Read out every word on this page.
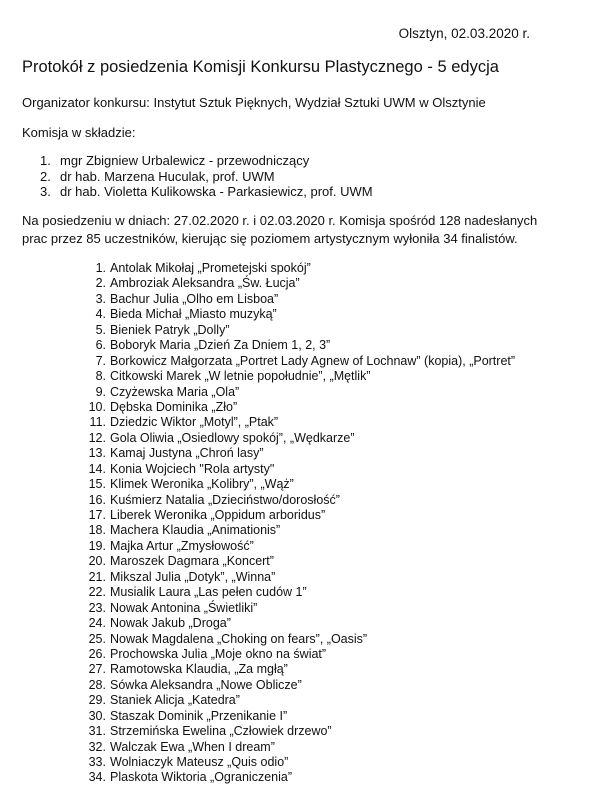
Olsztyn, 02.03.2020 r.
Protokół z posiedzenia Komisji Konkursu Plastycznego - 5 edycja
Organizator konkursu: Instytut Sztuk Pięknych, Wydział Sztuki UWM w Olsztynie
Komisja w składzie:
1. mgr Zbigniew Urbalewicz - przewodniczący
2. dr hab. Marzena Huculak, prof. UWM
3. dr hab. Violetta Kulikowska - Parkasiewicz, prof. UWM
Na posiedzeniu w dniach: 27.02.2020 r. i 02.03.2020 r. Komisja spośród 128 nadesłanych
prac przez 85 uczestników, kierując się poziomem artystycznym wyłoniła 34 finalistów.
1. Antolak Mikołaj „Prometejski spokój”
2. Ambroziak Aleksandra „Św. Łucja”
3. Bachur Julia „Olho em Lisboa”
4. Bieda Michał „Miasto muzyką”
5. Bieniek Patryk „Dolly”
6. Boboryk Maria „Dzień Za Dniem 1, 2, 3”
7. Borkowicz Małgorzata „Portret Lady Agnew of Lochnaw” (kopia), „Portret”
8. Citkowski Marek „W letnie popołudnie”, „Mętlik”
9. Czyżewska Maria „Ola”
10. Dębska Dominika „Zło”
11. Dziedzic Wiktor „Motyl”, „Ptak”
12. Gola Oliwia „Osiedlowy spokój”, „Wędkarze”
13. Kamaj Justyna „Chroń lasy”
14. Konia Wojciech "Rola artysty"
15. Klimek Weronika „Kolibry”, „Wąż”
16. Kuśmierz Natalia „Dzieciństwo/dorosłość”
17. Liberek Weronika „Oppidum arboridus”
18. Machera Klaudia „Animationis”
19. Majka Artur „Zmysłowość”
20. Maroszek Dagmara „Koncert”
21. Mikszal Julia „Dotyk”, „Winna”
22. Musialik Laura „Las pełen cudów 1”
23. Nowak Antonina „Świetliki”
24. Nowak Jakub „Droga”
25. Nowak Magdalena „Choking on fears”, „Oasis”
26. Prochowska Julia „Moje okno na świat”
27. Ramotowska Klaudia, „Za mgłą”
28. Sówka Aleksandra „Nowe Oblicze”
29. Staniek Alicja „Katedra”
30. Staszak Dominik „Przenikanie I”
31. Strzemińska Ewelina „Człowiek drzewo”
32. Walczak Ewa „When I dream”
33. Wolniaczyk Mateusz „Quis odio”
34. Plaskota Wiktoria „Ograniczenia”
